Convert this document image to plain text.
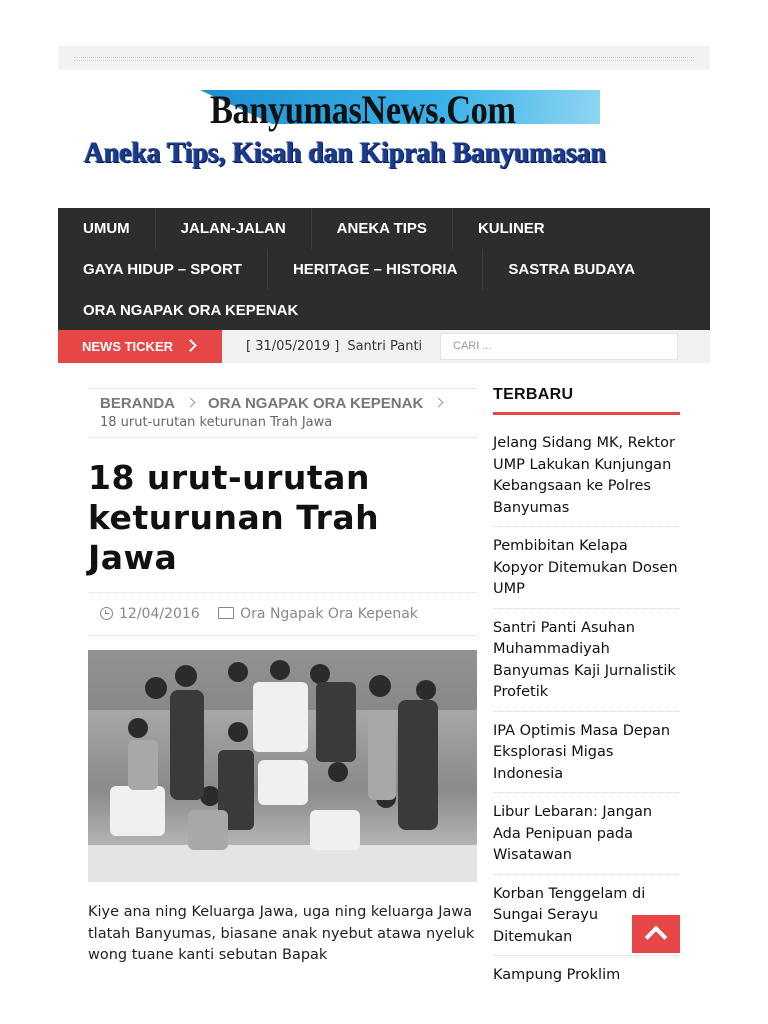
BanyumasNews.Com
Aneka Tips, Kisah dan Kiprah Banyumasan
UMUM	JALAN-JALAN	ANEKA TIPS	KULINER
GAYA HIDUP – SPORT	HERITAGE – HISTORIA	SASTRA BUDAYA
ORA NGAPAK ORA KEPENAK
NEWS TICKER	[ 31/05/2019 ] Santri Panti	CARI ...
BERANDA ORA NGAPAK ORA KEPENAK
18 urut-urutan keturunan Trah Jawa
18 urut-urutan keturunan Trah Jawa
12/04/2016	Ora Ngapak Ora Kepenak

Kiye ana ning Keluarga Jawa, uga ning keluarga Jawa tlatah Banyumas, biasane anak nyebut atawa nyeluk wong tuane kanti sebutan Bapak

TERBARU
Jelang Sidang MK, Rektor UMP Lakukan Kunjungan Kebangsaan ke Polres Banyumas
Pembibitan Kelapa Kopyor Ditemukan Dosen UMP
Santri Panti Asuhan Muhammadiyah Banyumas Kaji Jurnalistik Profetik
IPA Optimis Masa Depan Eksplorasi Migas Indonesia
Libur Lebaran: Jangan Ada Penipuan pada Wisatawan
Korban Tenggelam di Sungai Serayu Ditemukan
Kampung Proklim
